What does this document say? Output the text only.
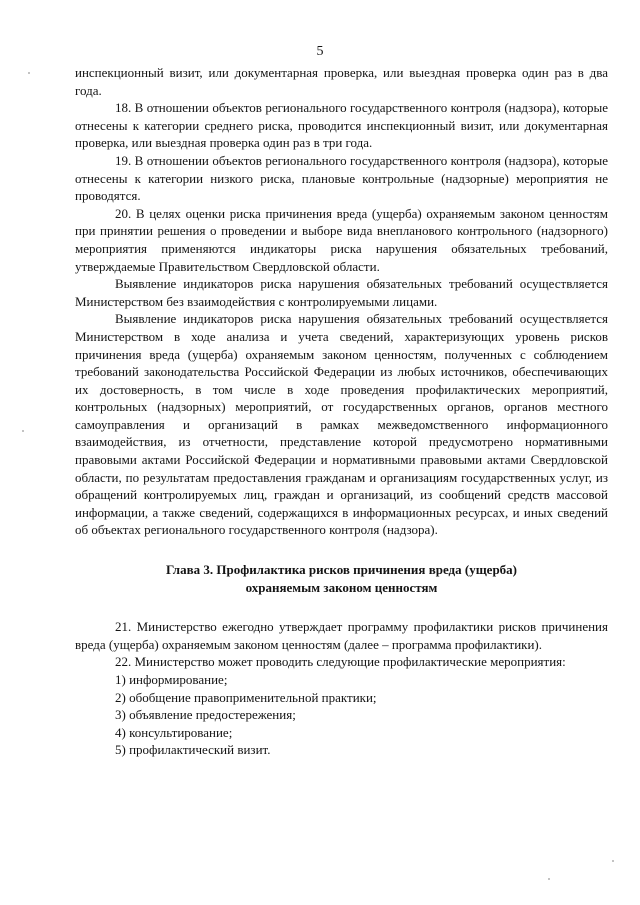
5

инспекционный визит, или документарная проверка, или выездная проверка один раз в два года.

18. В отношении объектов регионального государственного контроля (надзора), которые отнесены к категории среднего риска, проводится инспекционный визит, или документарная проверка, или выездная проверка один раз в три года.

19. В отношении объектов регионального государственного контроля (надзора), которые отнесены к категории низкого риска, плановые контрольные (надзорные) мероприятия не проводятся.

20. В целях оценки риска причинения вреда (ущерба) охраняемым законом ценностям при принятии решения о проведении и выборе вида внепланового контрольного (надзорного) мероприятия применяются индикаторы риска нарушения обязательных требований, утверждаемые Правительством Свердловской области.

Выявление индикаторов риска нарушения обязательных требований осуществляется Министерством без взаимодействия с контролируемыми лицами.

Выявление индикаторов риска нарушения обязательных требований осуществляется Министерством в ходе анализа и учета сведений, характеризующих уровень рисков причинения вреда (ущерба) охраняемым законом ценностям, полученных с соблюдением требований законодательства Российской Федерации из любых источников, обеспечивающих их достоверность, в том числе в ходе проведения профилактических мероприятий, контрольных (надзорных) мероприятий, от государственных органов, органов местного самоуправления и организаций в рамках межведомственного информационного взаимодействия, из отчетности, представление которой предусмотрено нормативными правовыми актами Российской Федерации и нормативными правовыми актами Свердловской области, по результатам предоставления гражданам и организациям государственных услуг, из обращений контролируемых лиц, граждан и организаций, из сообщений средств массовой информации, а также сведений, содержащихся в информационных ресурсах, и иных сведений об объектах регионального государственного контроля (надзора).

Глава 3. Профилактика рисков причинения вреда (ущерба)
охраняемым законом ценностям

21. Министерство ежегодно утверждает программу профилактики рисков причинения вреда (ущерба) охраняемым законом ценностям (далее – программа профилактики).

22. Министерство может проводить следующие профилактические мероприятия:

1) информирование;

2) обобщение правоприменительной практики;

3) объявление предостережения;

4) консультирование;

5) профилактический визит.
